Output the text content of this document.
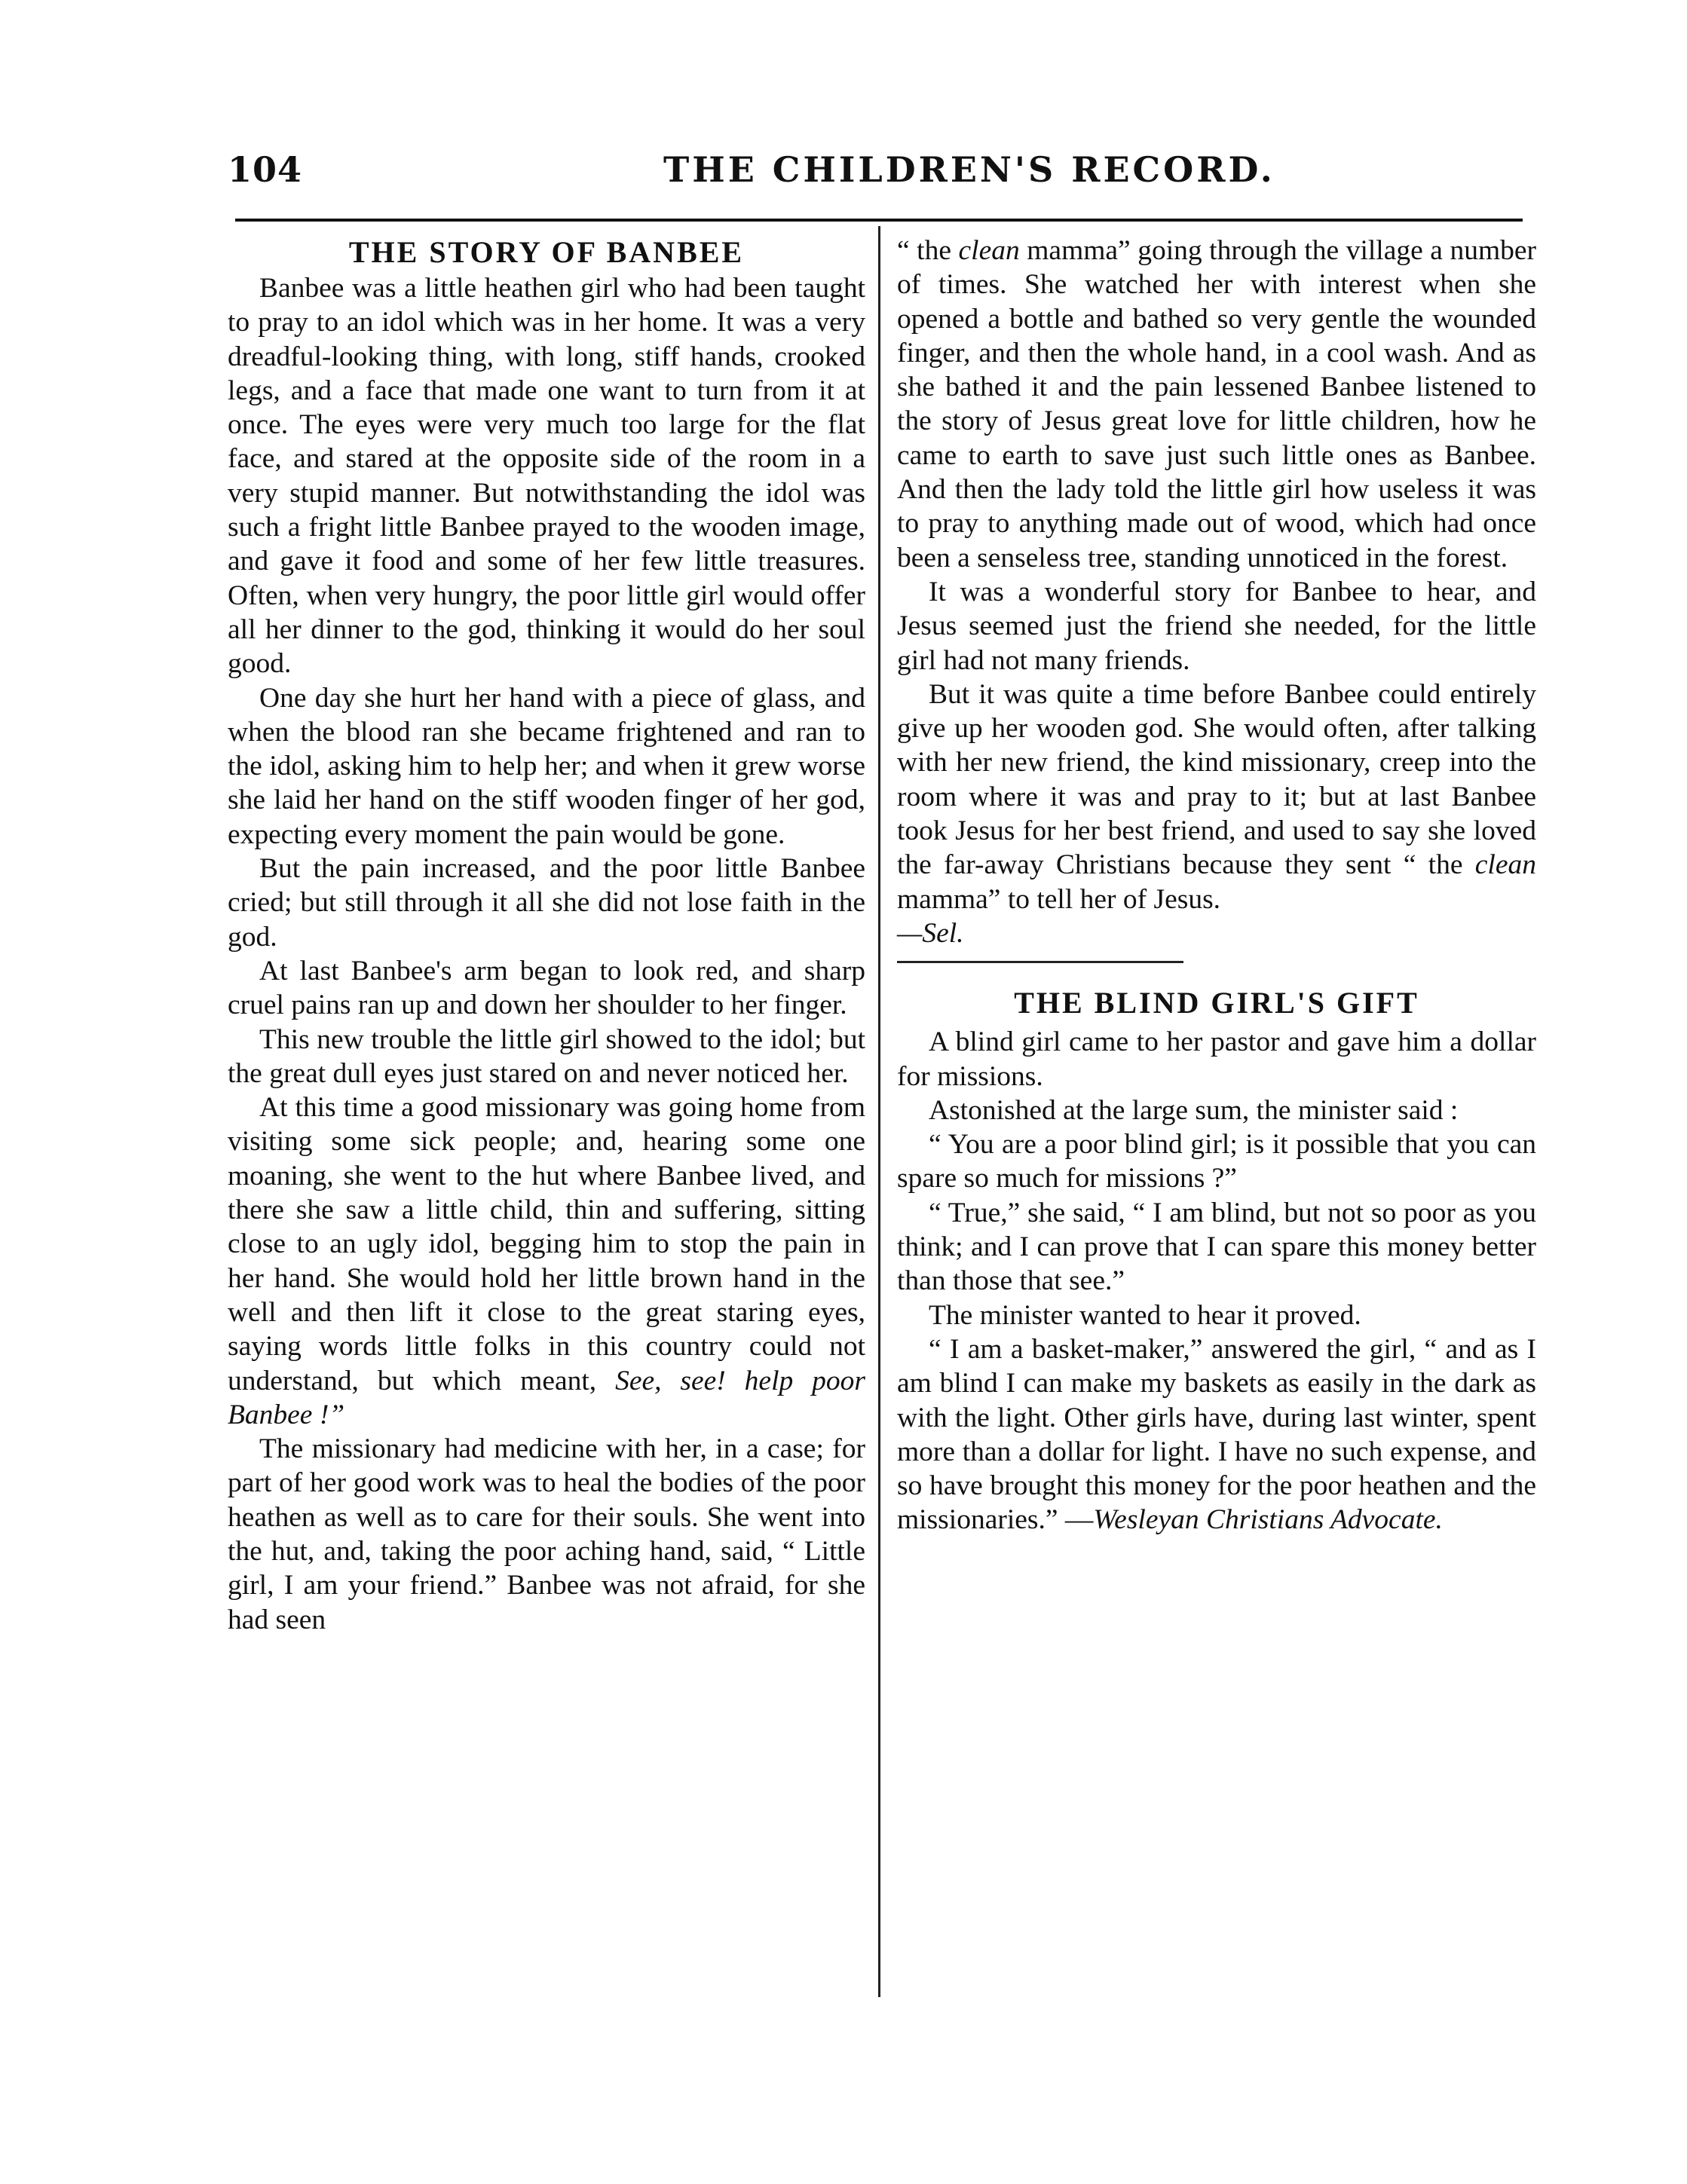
104	THE CHILDREN'S RECORD.
THE STORY OF BANBEE

Banbee was a little heathen girl who had been taught to pray to an idol which was in her home. It was a very dreadful-looking thing, with long, stiff hands, crooked legs, and a face that made one want to turn from it at once. The eyes were very much too large for the flat face, and stared at the opposite side of the room in a very stupid manner. But notwithstanding the idol was such a fright little Banbee prayed to the wooden image, and gave it food and some of her few little treasures. Often, when very hungry, the poor little girl would offer all her dinner to the god, thinking it would do her soul good.

One day she hurt her hand with a piece of glass, and when the blood ran she became frightened and ran to the idol, asking him to help her; and when it grew worse she laid her hand on the stiff wooden finger of her god, expecting every moment the pain would be gone.

But the pain increased, and the poor little Banbee cried; but still through it all she did not lose faith in the god.

At last Banbee's arm began to look red, and sharp cruel pains ran up and down her shoulder to her finger.

This new trouble the little girl showed to the idol; but the great dull eyes just stared on and never noticed her.

At this time a good missionary was going home from visiting some sick people; and, hearing some one moaning, she went to the hut where Banbee lived, and there she saw a little child, thin and suffering, sitting close to an ugly idol, begging him to stop the pain in her hand. She would hold her little brown hand in the well and then lift it close to the great staring eyes, saying words little folks in this country could not understand, but which meant, See, see! help poor Banbee !”

The missionary had medicine with her, in a case; for part of her good work was to heal the bodies of the poor heathen as well as to care for their souls. She went into the hut, and, taking the poor aching hand, said, “ Little girl, I am your friend.” Banbee was not afraid, for she had seen

“ the clean mamma” going through the village a number of times. She watched her with interest when she opened a bottle and bathed so very gentle the wounded finger, and then the whole hand, in a cool wash. And as she bathed it and the pain lessened Banbee listened to the story of Jesus great love for little children, how he came to earth to save just such little ones as Banbee. And then the lady told the little girl how useless it was to pray to anything made out of wood, which had once been a senseless tree, standing unnoticed in the forest.

It was a wonderful story for Banbee to hear, and Jesus seemed just the friend she needed, for the little girl had not many friends.

But it was quite a time before Banbee could entirely give up her wooden god. She would often, after talking with her new friend, the kind missionary, creep into the room where it was and pray to it; but at last Banbee took Jesus for her best friend, and used to say she loved the far-away Christians because they sent “ the clean mamma” to tell her of Jesus.

—Sel.

THE BLIND GIRL'S GIFT

A blind girl came to her pastor and gave him a dollar for missions.

Astonished at the large sum, the minister said :

“ You are a poor blind girl; is it possible that you can spare so much for missions ?”

“ True,” she said, “ I am blind, but not so poor as you think; and I can prove that I can spare this money better than those that see.”

The minister wanted to hear it proved.

“ I am a basket-maker,” answered the girl, “ and as I am blind I can make my baskets as easily in the dark as with the light. Other girls have, during last winter, spent more than a dollar for light. I have no such expense, and so have brought this money for the poor heathen and the missionaries.” —Wesleyan Christians Advocate.
